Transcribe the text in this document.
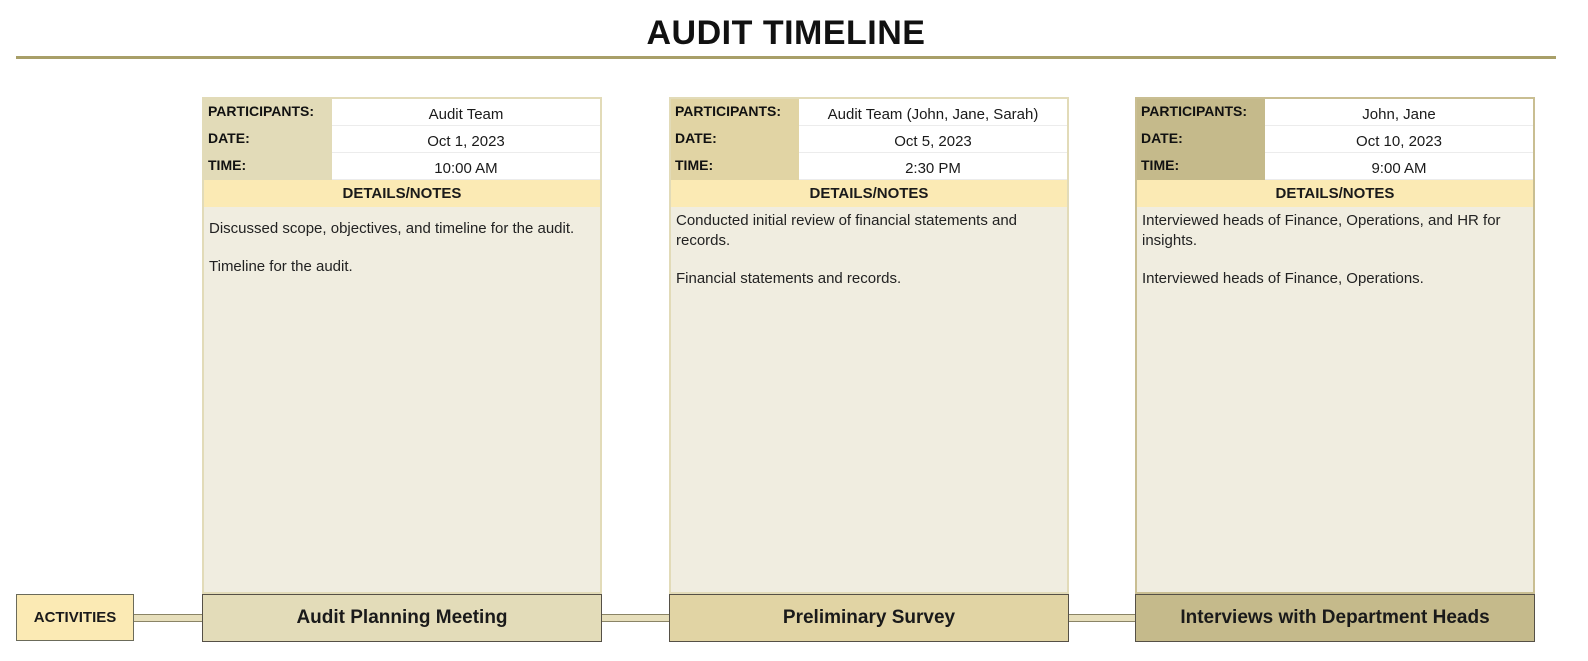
AUDIT TIMELINE
PARTICIPANTS:	Audit Team
DATE:	Oct 1, 2023
TIME:	10:00 AM
DETAILS/NOTES

Discussed scope, objectives, and timeline for the audit.

Timeline for the audit.

PARTICIPANTS:	Audit Team (John, Jane, Sarah)
DATE:	Oct 5, 2023
TIME:	2:30 PM
DETAILS/NOTES

Conducted initial review of financial statements and records.

Financial statements and records.

PARTICIPANTS:	John, Jane
DATE:	Oct 10, 2023
TIME:	9:00 AM
DETAILS/NOTES

Interviewed heads of Finance, Operations, and HR for insights.

Interviewed heads of Finance, Operations.

ACTIVITIES	Audit Planning Meeting	Preliminary Survey	Interviews with Department Heads
